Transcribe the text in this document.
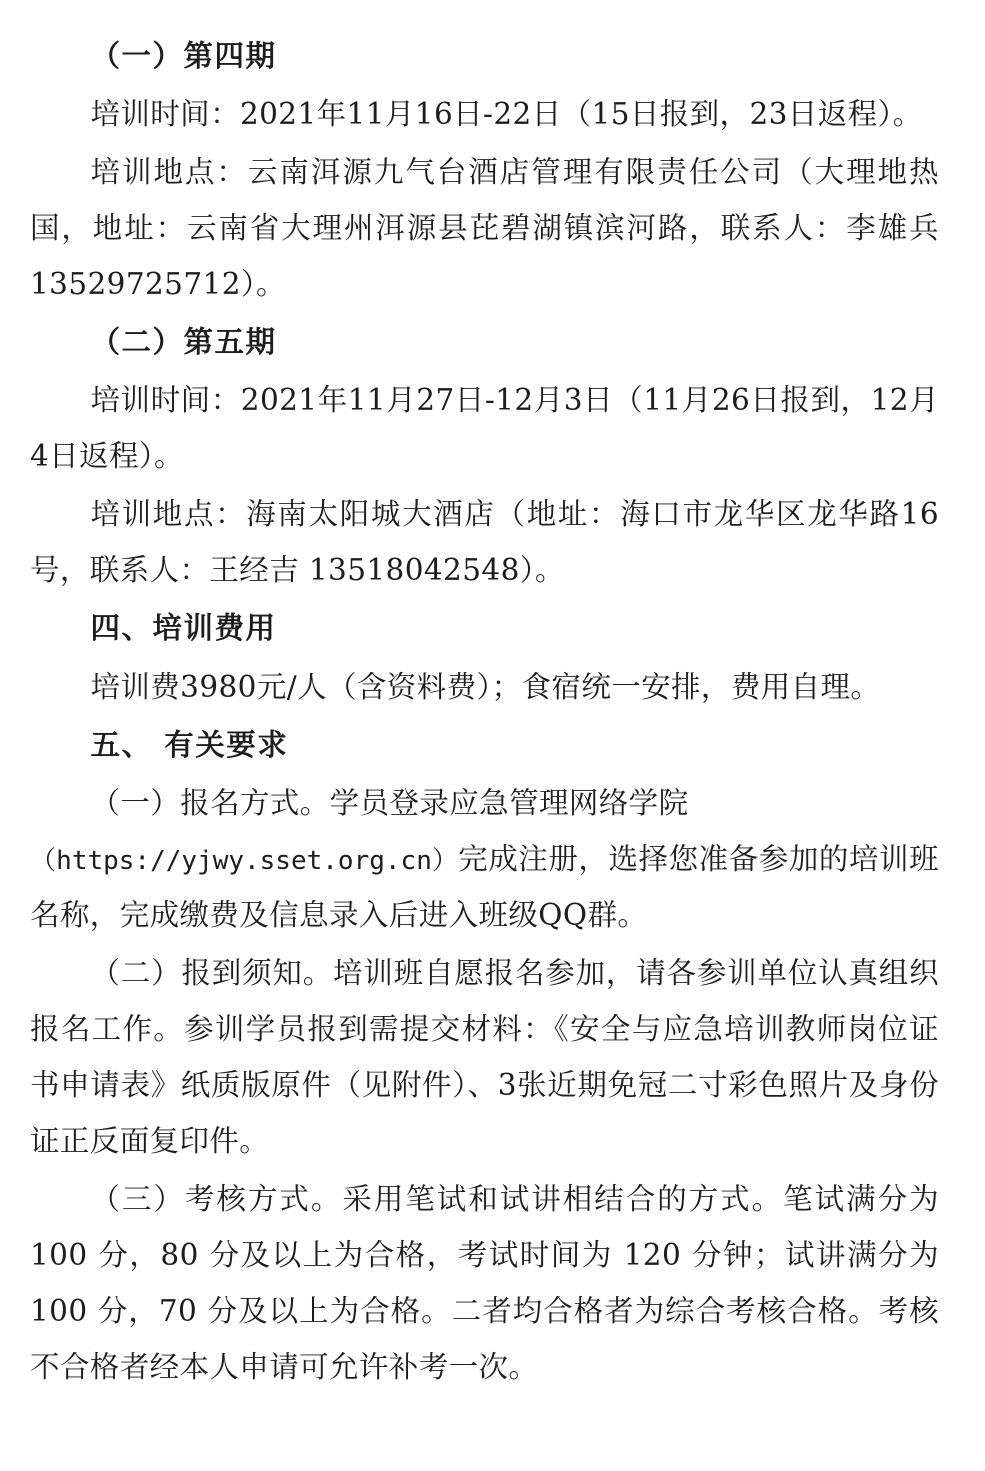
（一）第四期

培训时间：2021年11月16日-22日（15日报到，23日返程）。

培训地点：云南洱源九气台酒店管理有限责任公司（大理地热国，地址：云南省大理州洱源县芘碧湖镇滨河路，联系人：李雄兵 13529725712）。

（二）第五期

培训时间：2021年11月27日-12月3日（11月26日报到，12月4日返程）。

培训地点：海南太阳城大酒店（地址：海口市龙华区龙华路16号，联系人：王经吉 13518042548）。

四、培训费用

培训费3980元/人（含资料费）；食宿统一安排，费用自理。

五、 有关要求

（一）报名方式。学员登录应急管理网络学院
（https://yjwy.sset.org.cn）完成注册，选择您准备参加的培训班名称，完成缴费及信息录入后进入班级QQ群。

（二）报到须知。培训班自愿报名参加，请各参训单位认真组织报名工作。参训学员报到需提交材料：《安全与应急培训教师岗位证书申请表》纸质版原件（见附件）、3张近期免冠二寸彩色照片及身份证正反面复印件。

（三）考核方式。采用笔试和试讲相结合的方式。笔试满分为 100 分，80 分及以上为合格，考试时间为 120 分钟；试讲满分为 100 分，70 分及以上为合格。二者均合格者为综合考核合格。考核不合格者经本人申请可允许补考一次。
